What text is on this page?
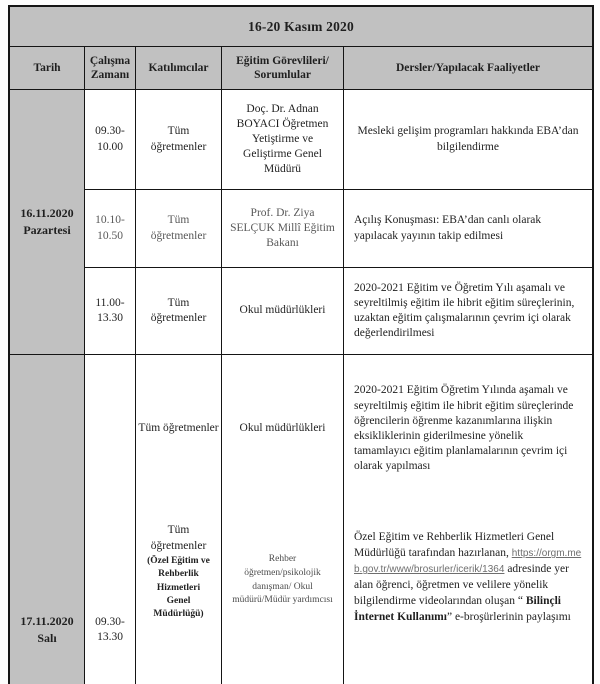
16-20 Kasım 2020
Tarih
Çalışma Zamanı
Katılımcılar
Eğitim Görevlileri/ Sorumlular
Dersler/Yapılacak Faaliyetler
16.11.2020 Pazartesi
09.30-10.00
Tüm öğretmenler
Doç. Dr. Adnan BOYACI Öğretmen Yetiştirme ve Geliştirme Genel Müdürü
Mesleki gelişim programları hakkında EBA’dan bilgilendirme
10.10-10.50
Tüm öğretmenler
Prof. Dr. Ziya SELÇUK Millî Eğitim Bakanı
Açılış Konuşması: EBA’dan canlı olarak yapılacak yayının takip edilmesi
11.00-13.30
Tüm öğretmenler
Okul müdürlükleri
2020-2021 Eğitim ve Öğretim Yılı aşamalı ve seyreltilmiş eğitim ile hibrit eğitim süreçlerinin, uzaktan eğitim çalışmalarının çevrim içi olarak değerlendirilmesi
17.11.2020 Salı
09.30-13.30
Tüm öğretmenler
Tüm öğretmenler
(Özel Eğitim ve Rehberlik Hizmetleri Genel Müdürlüğü)
Okul müdürlükleri
Rehber öğretmen/psikolojik danışman/ Okul müdürü/Müdür yardımcısı
2020-2021 Eğitim Öğretim Yılında aşamalı ve seyreltilmiş eğitim ile hibrit eğitim süreçlerinde öğrencilerin öğrenme kazanımlarına ilişkin eksikliklerinin giderilmesine yönelik tamamlayıcı eğitim planlamalarının çevrim içi olarak yapılması
Özel Eğitim ve Rehberlik Hizmetleri Genel Müdürlüğü tarafından hazırlanan, https://orgm.meb.gov.tr/www/brosurler/icerik/1364 adresinde yer alan öğrenci, öğretmen ve velilere yönelik bilgilendirme videolarından oluşan “ Bilinçli İnternet Kullanımı” e-broşürlerinin paylaşımı
